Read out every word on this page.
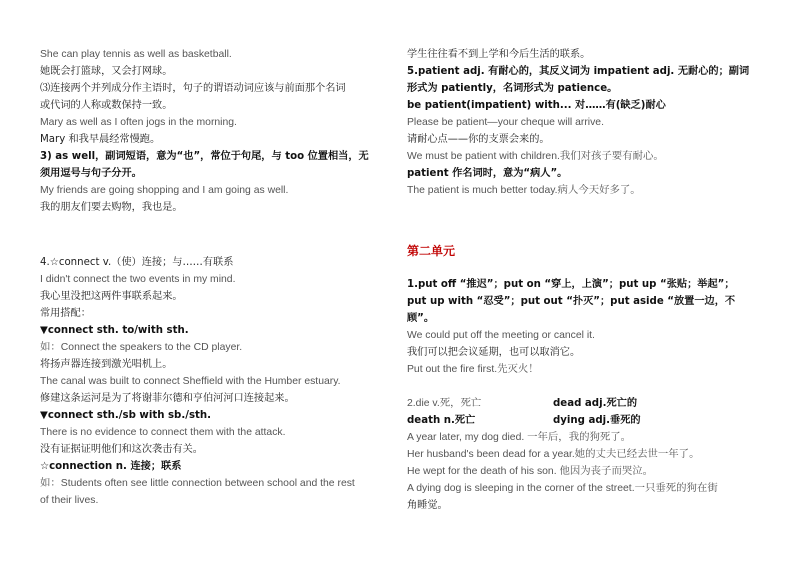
She can play tennis as well as basketball.
她既会打篮球，又会打网球。
⑶连接两个并列成分作主语时，句子的谓语动词应该与前面那个名词
或代词的人称或数保持一致。
Mary as well as I often jogs in the morning.
Mary 和我早晨经常慢跑。
3) as well，副词短语，意为“也”，常位于句尾，与 too 位置相当，无
须用逗号与句子分开。
My friends are going shopping and I am going as well.
我的朋友们要去购物，我也是。
4.☆connect v.（使）连接；与……有联系
I didn't connect the two events in my mind.
我心里没把这两件事联系起来。
常用搭配：
▼connect sth. to/with sth.
如：Connect the speakers to the CD player.
将扬声器连接到激光唱机上。
The canal was built to connect Sheffield with the Humber estuary.
修建这条运河是为了将谢菲尔德和亨伯河河口连接起来。
▼connect sth./sb with sb./sth.
There is no evidence to connect them with the attack.
没有证据证明他们和这次袭击有关。
☆connection n. 连接；联系
如：Students often see little connection between school and the rest
of their lives.
学生往往看不到上学和今后生活的联系。
5.patient adj. 有耐心的，其反义词为 impatient adj. 无耐心的；副词
形式为 patiently，名词形式为 patience。
be patient(impatient) with... 对……有(缺乏)耐心
Please be patient—your cheque will arrive.
请耐心点——你的支票会来的。
We must be patient with children.我们对孩子要有耐心。
patient 作名词时，意为“病人”。
The patient is much better today.病人今天好多了。
第二单元
1.put off “推迟”；put on “穿上，上演”；put up “张贴；举起”；
put up with “忍受”；put out “扑灭”；put aside “放置一边，不
顾”。
We could put off the meeting or cancel it.
我们可以把会议延期，也可以取消它。
Put out the fire first.先灭火！
2.die v.死，死亡	dead adj.死亡的
death n.死亡	dying adj.垂死的
A year later, my dog died. 一年后，我的狗死了。
Her husband's been dead for a year.她的丈夫已经去世一年了。
He wept for the death of his son. 他因为丧子而哭泣。
A dying dog is sleeping in the corner of the street.一只垂死的狗在街
角睡觉。
